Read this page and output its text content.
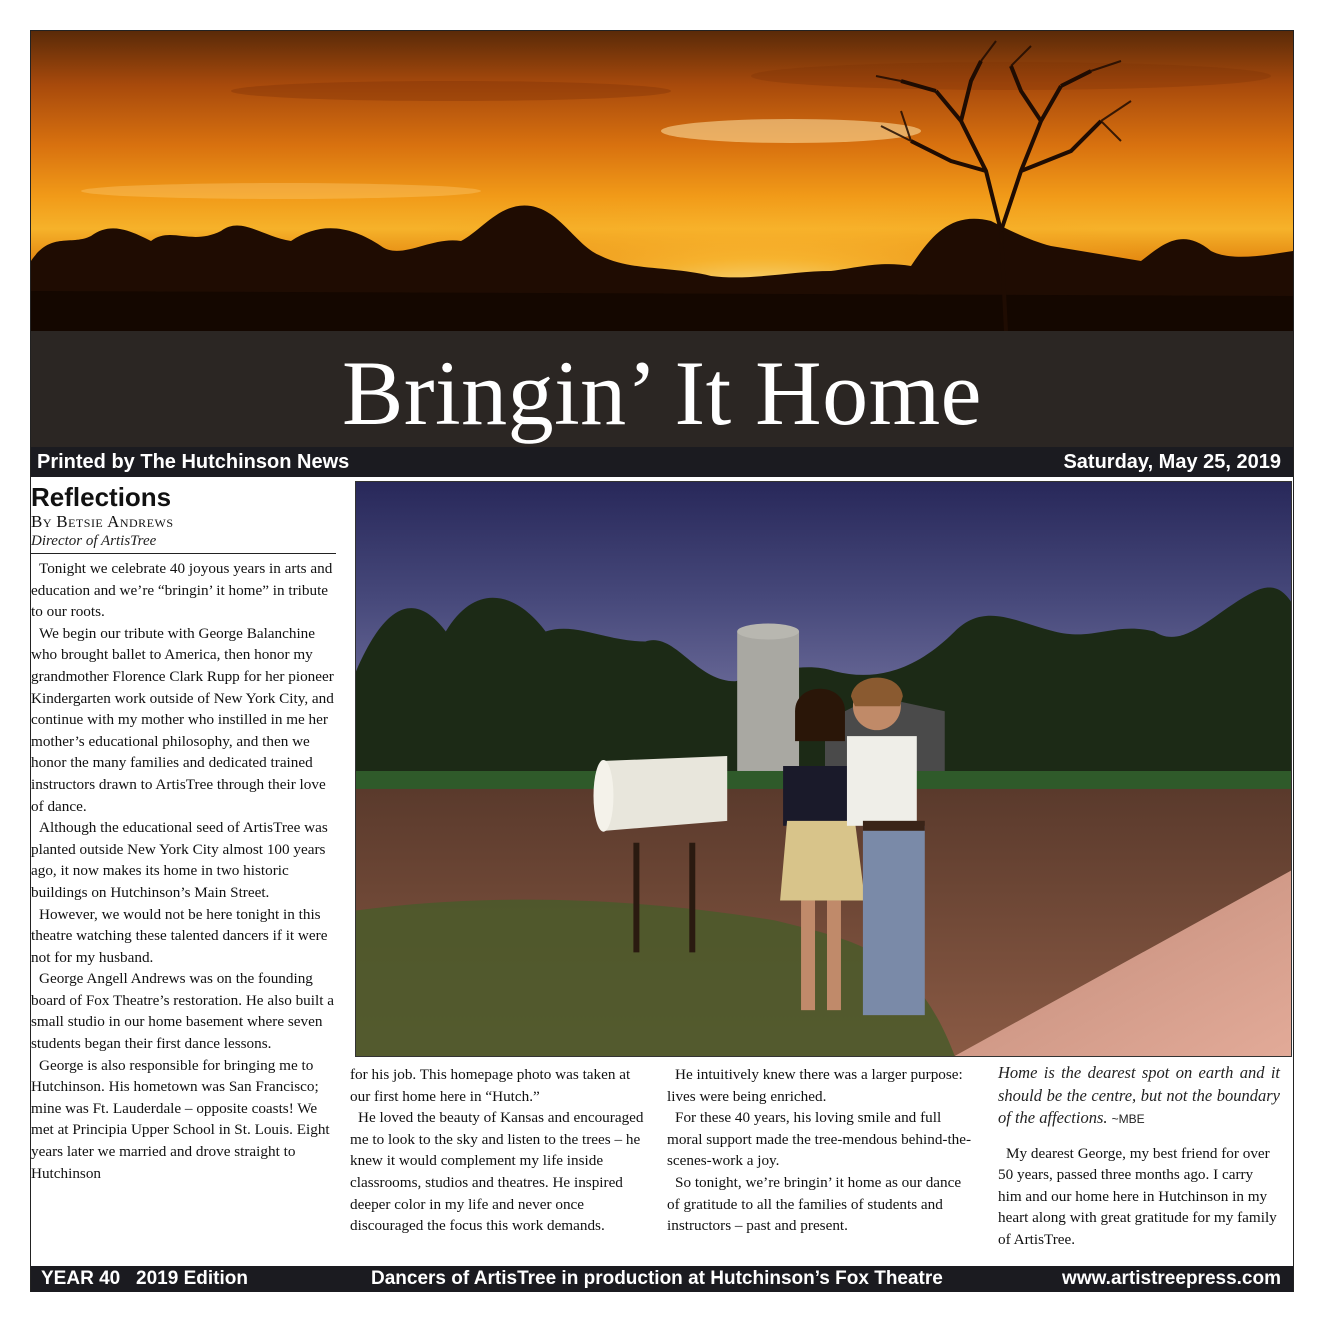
Bringin’ It Home
Printed by The Hutchinson News	Saturday, May 25, 2019
Reflections
By Betsie Andrews
Director of ArtisTree

Tonight we celebrate 40 joyous years in arts and education and we’re “bringin’ it home” in tribute to our roots.

We begin our tribute with George Balanchine who brought ballet to America, then honor my grandmother Florence Clark Rupp for her pioneer Kindergarten work outside of New York City, and continue with my mother who instilled in me her mother’s educational philosophy, and then we honor the many families and dedicated trained instructors drawn to ArtisTree through their love of dance.

Although the educational seed of ArtisTree was planted outside New York City almost 100 years ago, it now makes its home in two historic buildings on Hutchinson’s Main Street.

However, we would not be here tonight in this theatre watching these talented dancers if it were not for my husband.

George Angell Andrews was on the founding board of Fox Theatre’s restoration. He also built a small studio in our home basement where seven students began their first dance lessons.

George is also responsible for bringing me to Hutchinson. His hometown was San Francisco; mine was Ft. Lauderdale – opposite coasts! We met at Principia Upper School in St. Louis. Eight years later we married and drove straight to Hutchinson

for his job. This homepage photo was taken at our first home here in “Hutch.”

He loved the beauty of Kansas and encouraged me to look to the sky and listen to the trees – he knew it would complement my life inside classrooms, studios and theatres. He inspired deeper color in my life and never once discouraged the focus this work demands.

He intuitively knew there was a larger purpose: lives were being enriched.

For these 40 years, his loving smile and full moral support made the tree-mendous behind-the-scenes-work a joy.

So tonight, we’re bringin’ it home as our dance of gratitude to all the families of students and instructors – past and present.

Home is the dearest spot on earth and it should be the centre, but not the boundary of the affections. ~MBE

My dearest George, my best friend for over 50 years, passed three months ago. I carry him and our home here in Hutchinson in my heart along with great gratitude for my family of ArtisTree.

YEAR 40   2019 Edition	Dancers of ArtisTree in production at Hutchinson’s Fox Theatre	www.artistreepress.com
